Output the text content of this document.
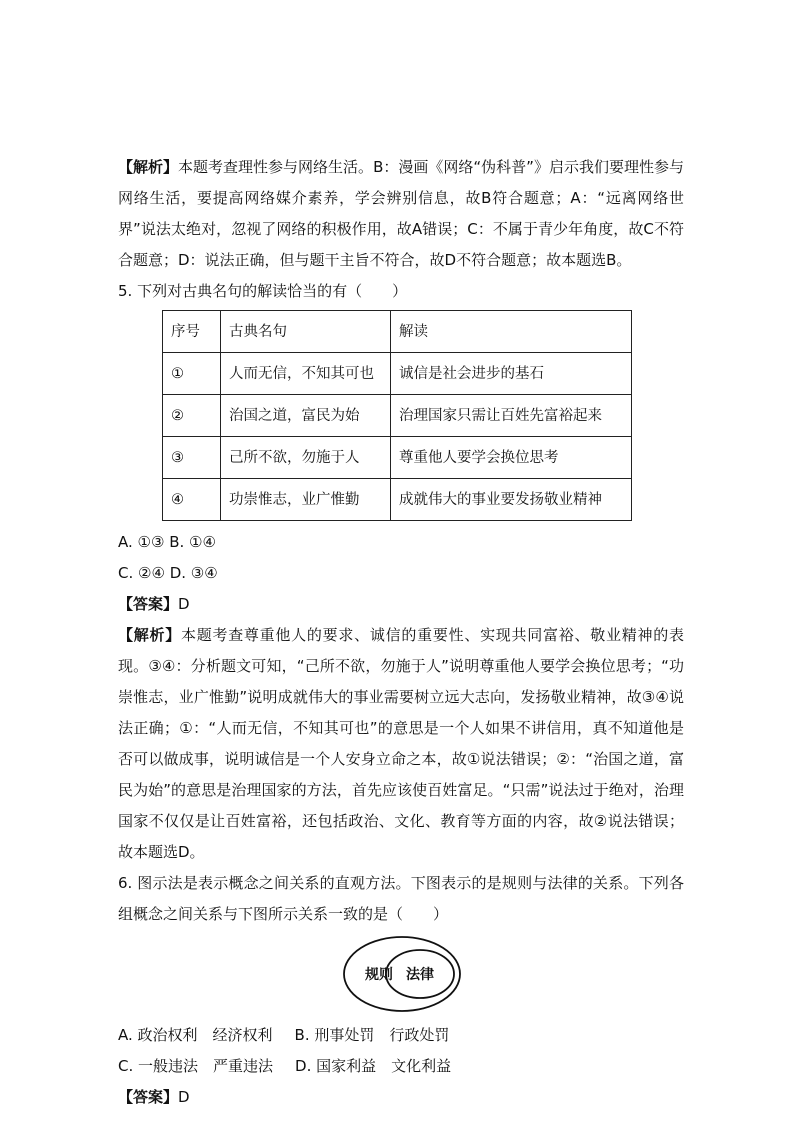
【解析】本题考查理性参与网络生活。B：漫画《网络“伪科普”》启示我们要理性参与网络生活，要提高网络媒介素养，学会辨别信息，故B符合题意；A：“远离网络世界”说法太绝对，忽视了网络的积极作用，故A错误；C：不属于青少年角度，故C不符合题意；D：说法正确，但与题干主旨不符合，故D不符合题意；故本题选B。

5. 下列对古典名句的解读恰当的有（　　）

序号	古典名句	解读
①	人而无信，不知其可也	诚信是社会进步的基石
②	治国之道，富民为始	治理国家只需让百姓先富裕起来
③	己所不欲，勿施于人	尊重他人要学会换位思考
④	功崇惟志，业广惟勤	成就伟大的事业要发扬敬业精神

A. ①③ B. ①④

C. ②④ D. ③④

【答案】D

【解析】本题考查尊重他人的要求、诚信的重要性、实现共同富裕、敬业精神的表现。③④：分析题文可知，“己所不欲，勿施于人”说明尊重他人要学会换位思考；“功崇惟志，业广惟勤”说明成就伟大的事业需要树立远大志向，发扬敬业精神，故③④说法正确；①：“人而无信，不知其可也”的意思是一个人如果不讲信用，真不知道他是否可以做成事，说明诚信是一个人安身立命之本，故①说法错误；②：“治国之道，富民为始”的意思是治理国家的方法，首先应该使百姓富足。“只需”说法过于绝对，治理国家不仅仅是让百姓富裕，还包括政治、文化、教育等方面的内容，故②说法错误；故本题选D。

6. 图示法是表示概念之间关系的直观方法。下图表示的是规则与法律的关系。下列各组概念之间关系与下图所示关系一致的是（　　）

规则 法律

A. 政治权利　经济权利 B. 刑事处罚　行政处罚

C. 一般违法　严重违法 D. 国家利益　文化利益

【答案】D
